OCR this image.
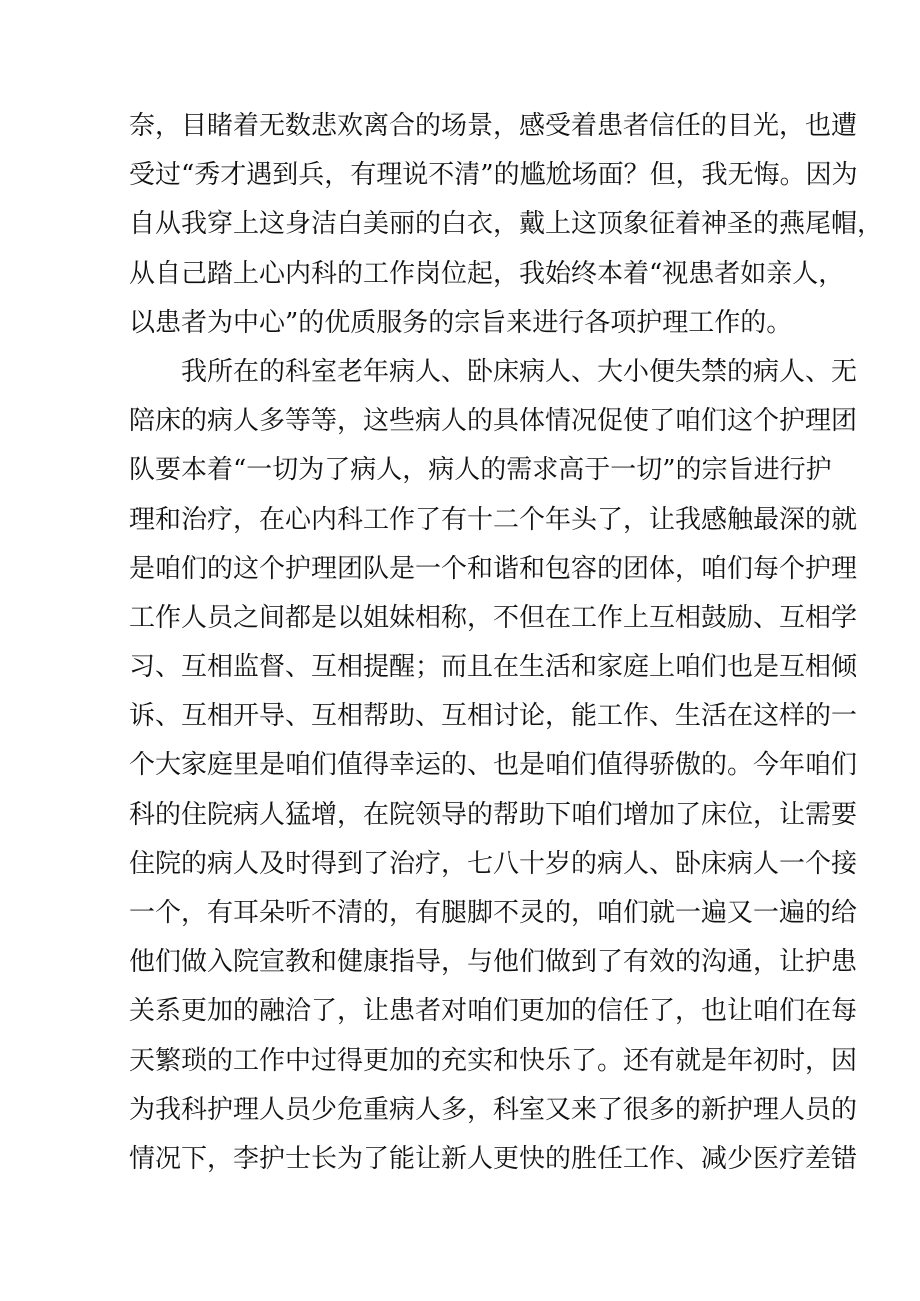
奈，目睹着无数悲欢离合的场景，感受着患者信任的目光，也遭
受过“秀才遇到兵，有理说不清”的尴尬场面？但，我无悔。因为
自从我穿上这身洁白美丽的白衣，戴上这顶象征着神圣的燕尾帽，
从自己踏上心内科的工作岗位起，我始终本着“视患者如亲人，
以患者为中心”的优质服务的宗旨来进行各项护理工作的。
我所在的科室老年病人、卧床病人、大小便失禁的病人、无
陪床的病人多等等，这些病人的具体情况促使了咱们这个护理团
队要本着“一切为了病人，病人的需求高于一切”的宗旨进行护
理和治疗，在心内科工作了有十二个年头了，让我感触最深的就
是咱们的这个护理团队是一个和谐和包容的团体，咱们每个护理
工作人员之间都是以姐妹相称，不但在工作上互相鼓励、互相学
习、互相监督、互相提醒；而且在生活和家庭上咱们也是互相倾
诉、互相开导、互相帮助、互相讨论，能工作、生活在这样的一
个大家庭里是咱们值得幸运的、也是咱们值得骄傲的。今年咱们
科的住院病人猛增，在院领导的帮助下咱们增加了床位，让需要
住院的病人及时得到了治疗，七八十岁的病人、卧床病人一个接
一个，有耳朵听不清的，有腿脚不灵的，咱们就一遍又一遍的给
他们做入院宣教和健康指导，与他们做到了有效的沟通，让护患
关系更加的融洽了，让患者对咱们更加的信任了，也让咱们在每
天繁琐的工作中过得更加的充实和快乐了。还有就是年初时，因
为我科护理人员少危重病人多，科室又来了很多的新护理人员的
情况下，李护士长为了能让新人更快的胜任工作、减少医疗差错
